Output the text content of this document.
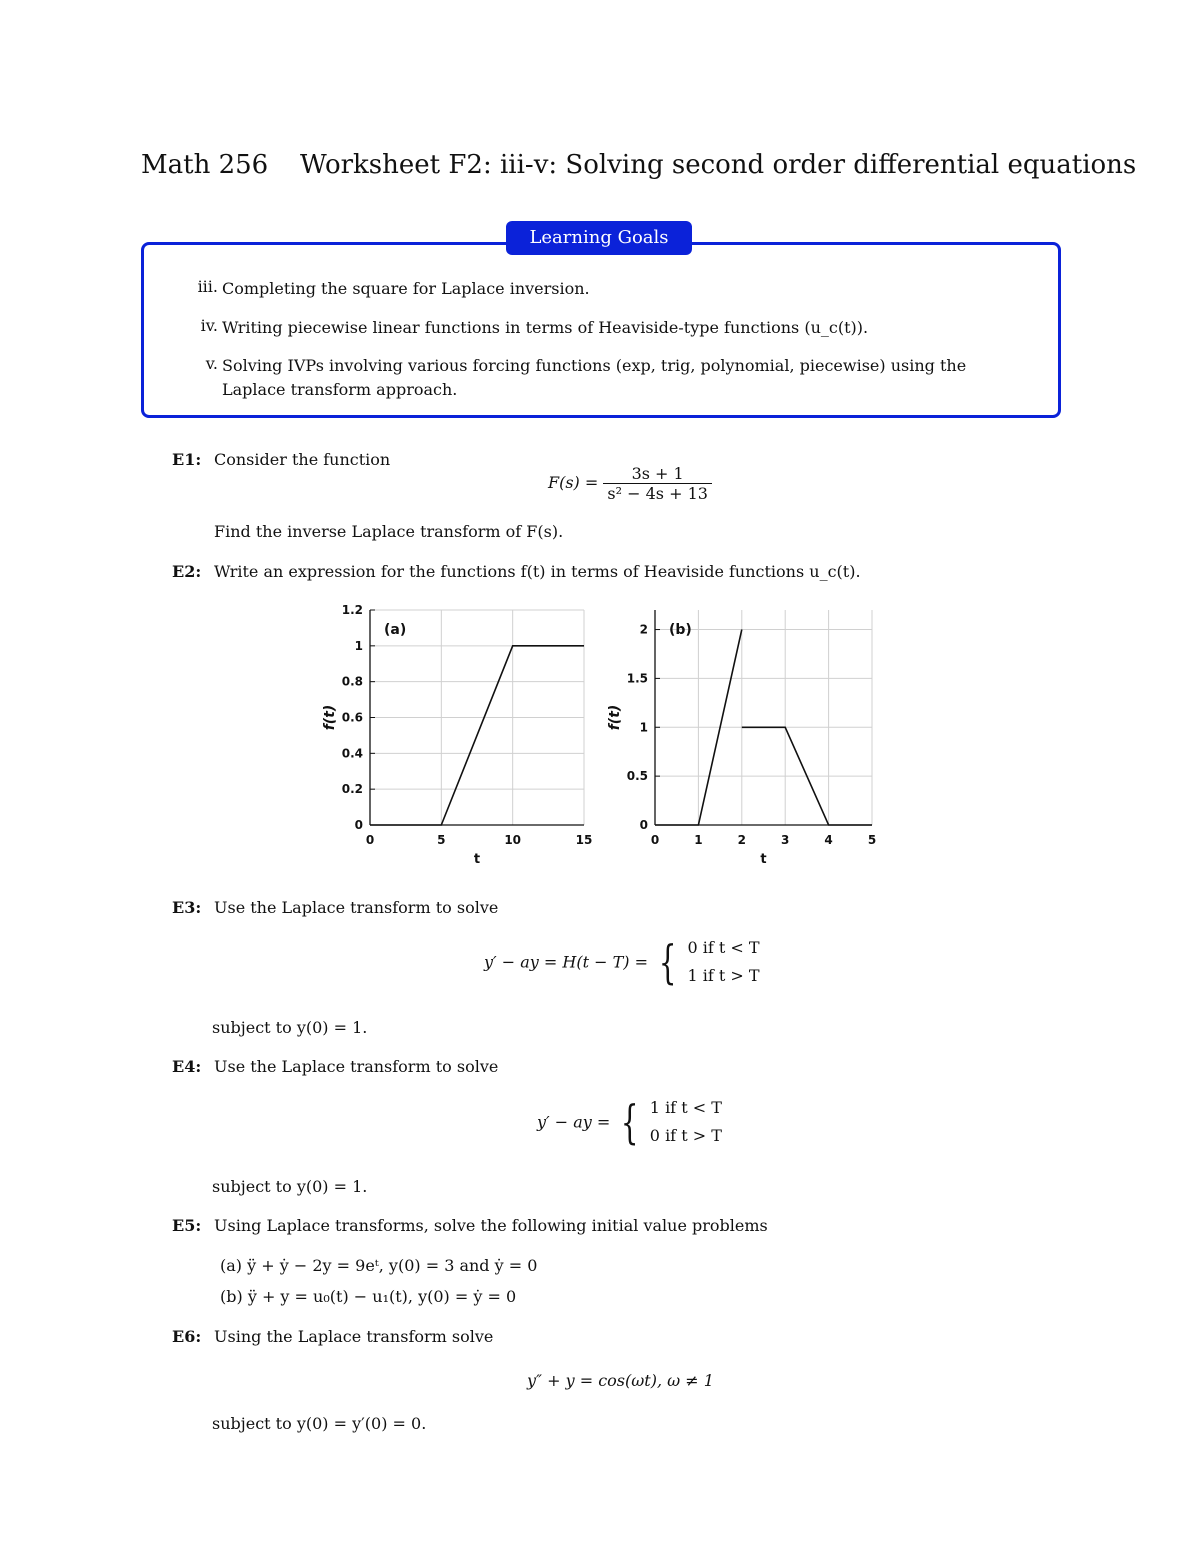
Math 256 Worksheet F2: iii-v: Solving second order differential equations
iii. Completing the square for Laplace inversion.
iv. Writing piecewise linear functions in terms of Heaviside-type functions (u_c(t)).
v. Solving IVPs involving various forcing functions (exp, trig, polynomial, piecewise) using the Laplace transform approach.
Learning Goals
E1: Consider the function
$F(s) = \frac{3s + 1}{\text{s² − 4s + 13}}$
Find the inverse Laplace transform of F(s).
E2: Write an expression for the functions f(t) in terms of Heaviside functions u_c(t).
0	5	10	15
0
0.2
0.4
0.6
0.8
1
1.2
(a)
t
f(t)
0	1	2	3	4	5
0
0.5
1
1.5
2 (b)
t
f(t)
E3: Use the Laplace transform to solve
y′ − ay = H(t − T) = { 0 if t < T
1 if t > T
subject to y(0) = 1.
E4: Use the Laplace transform to solve
y′ − ay = { 1 if t < T
0 if t > T
subject to y(0) = 1.
E5: Using Laplace transforms, solve the following initial value problems
(a) ÿ + ẏ − 2y = 9eᵗ, y(0) = 3 and ẏ = 0
(b) ÿ + y = u₀(t) − u₁(t), y(0) = ẏ = 0
E6: Using the Laplace transform solve
y″ + y = cos(ωt), ω ≠ 1
subject to y(0) = y′(0) = 0.
